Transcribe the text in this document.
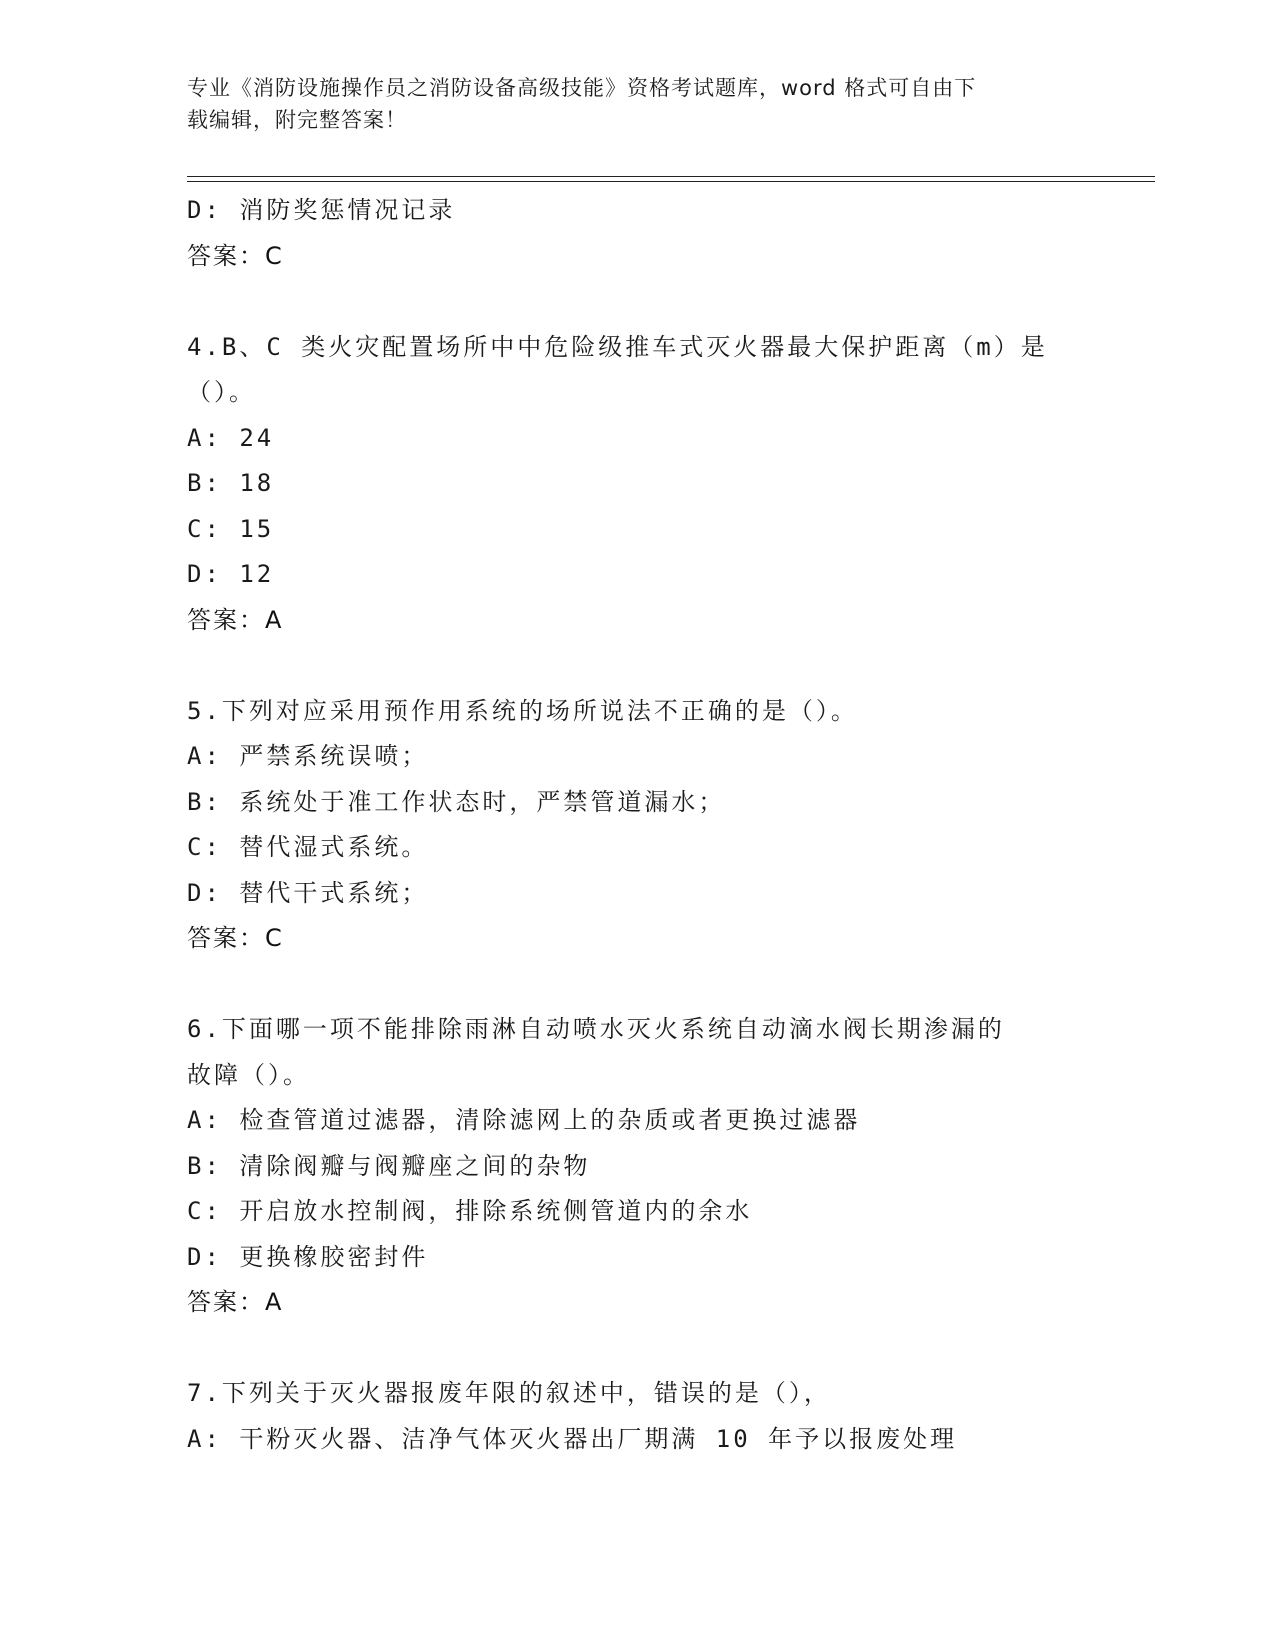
专业《消防设施操作员之消防设备高级技能》资格考试题库，word 格式可自由下
载编辑，附完整答案！
D: 消防奖惩情况记录
答案：C
4.B、C 类火灾配置场所中中危险级推车式灭火器最大保护距离（m）是
（）。
A: 24
B: 18
C: 15
D: 12
答案：A
5.下列对应采用预作用系统的场所说法不正确的是（）。
A: 严禁系统误喷；
B: 系统处于准工作状态时，严禁管道漏水；
C: 替代湿式系统。
D: 替代干式系统；
答案：C
6.下面哪一项不能排除雨淋自动喷水灭火系统自动滴水阀长期渗漏的
故障（）。
A: 检查管道过滤器，清除滤网上的杂质或者更换过滤器
B: 清除阀瓣与阀瓣座之间的杂物
C: 开启放水控制阀，排除系统侧管道内的余水
D: 更换橡胶密封件
答案：A
7.下列关于灭火器报废年限的叙述中，错误的是（），
A: 干粉灭火器、洁净气体灭火器出厂期满 10 年予以报废处理
